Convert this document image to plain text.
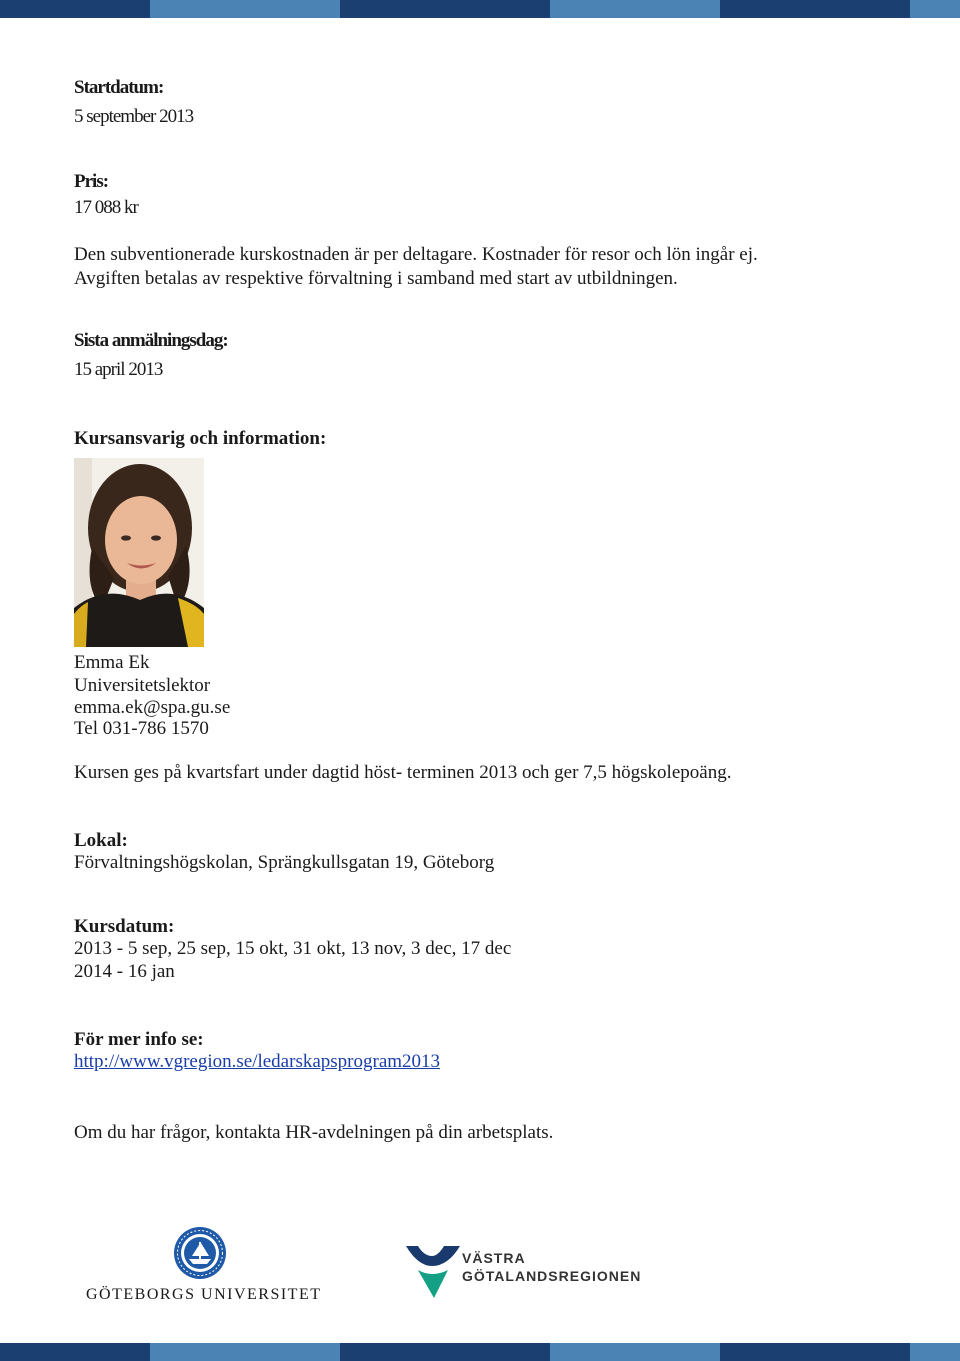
Startdatum:
5 september 2013
Pris:
17 088 kr
Den subventionerade kurskostnaden är per deltagare. Kostnader för resor och lön ingår ej.
Avgiften betalas av respektive förvaltning i samband med start av utbildningen.
Sista anmälningsdag:
15 april 2013
Kursansvarig och information:
Emma Ek
Universitetslektor
emma.ek@spa.gu.se
Tel 031-786 1570
Kursen ges på kvartsfart under dagtid höst- terminen 2013 och ger 7,5 högskolepoäng.
Lokal:
Förvaltningshögskolan, Sprängkullsgatan 19, Göteborg
Kursdatum:
2013 - 5 sep, 25 sep, 15 okt, 31 okt, 13 nov, 3 dec, 17 dec
2014 - 16 jan
För mer info se:
http://www.vgregion.se/ledarskapsprogram2013
Om du har frågor, kontakta HR-avdelningen på din arbetsplats.
GÖTEBORGS UNIVERSITET
VÄSTRA
GÖTALANDSREGIONEN
